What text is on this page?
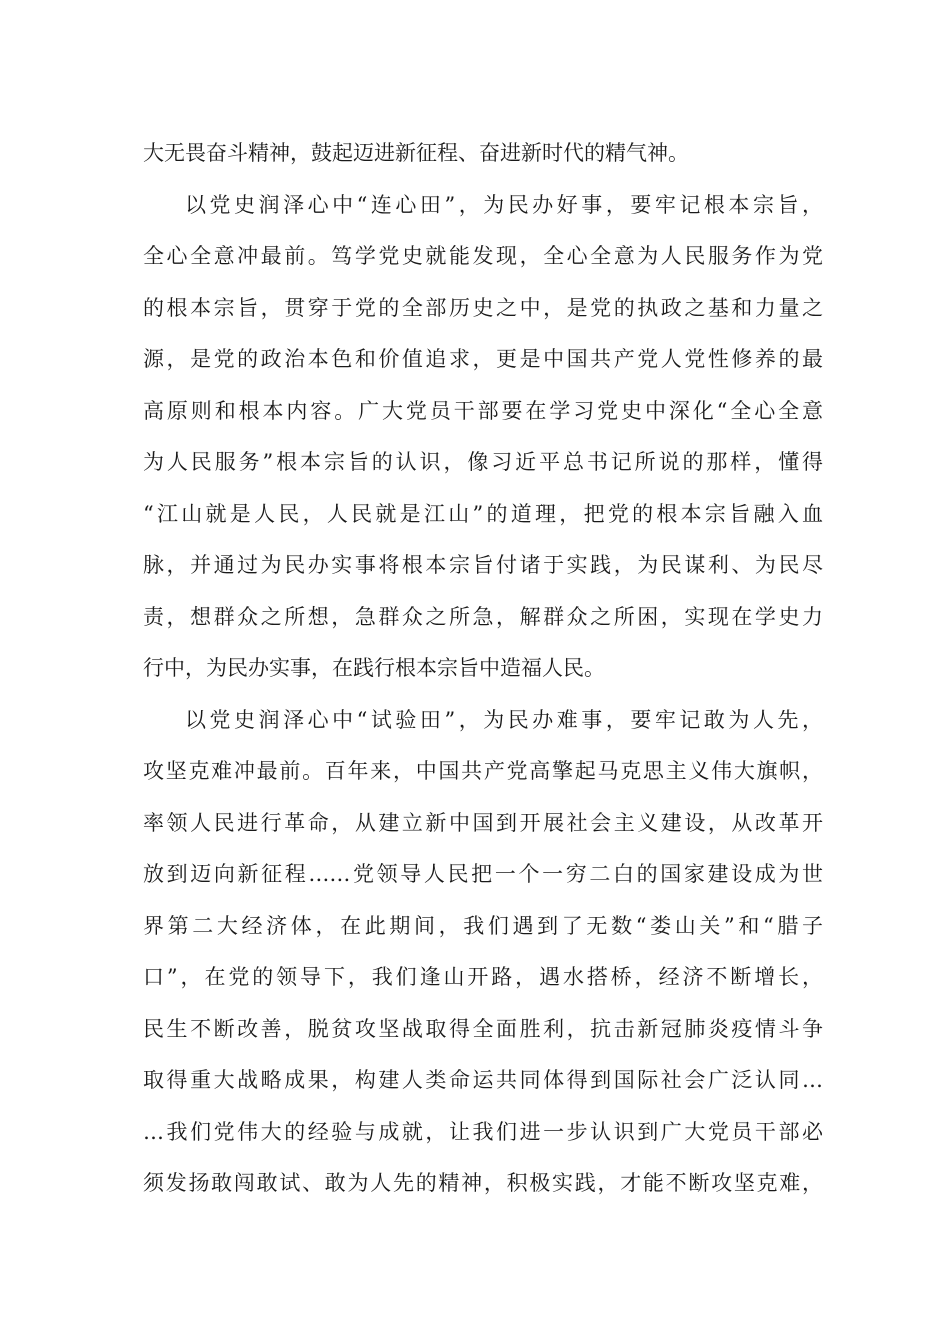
大无畏奋斗精神，鼓起迈进新征程、奋进新时代的精气神。
以党史润泽心中“连心田”，为民办好事，要牢记根本宗旨，
全心全意冲最前。笃学党史就能发现，全心全意为人民服务作为党
的根本宗旨，贯穿于党的全部历史之中，是党的执政之基和力量之
源，是党的政治本色和价值追求，更是中国共产党人党性修养的最
高原则和根本内容。广大党员干部要在学习党史中深化“全心全意
为人民服务”根本宗旨的认识，像习近平总书记所说的那样，懂得
“江山就是人民，人民就是江山”的道理，把党的根本宗旨融入血
脉，并通过为民办实事将根本宗旨付诸于实践，为民谋利、为民尽
责，想群众之所想，急群众之所急，解群众之所困，实现在学史力
行中，为民办实事，在践行根本宗旨中造福人民。
以党史润泽心中“试验田”，为民办难事，要牢记敢为人先，
攻坚克难冲最前。百年来，中国共产党高擎起马克思主义伟大旗帜，
率领人民进行革命，从建立新中国到开展社会主义建设，从改革开
放到迈向新征程……党领导人民把一个一穷二白的国家建设成为世
界第二大经济体，在此期间，我们遇到了无数“娄山关”和“腊子
口”，在党的领导下，我们逢山开路，遇水搭桥，经济不断增长，
民生不断改善，脱贫攻坚战取得全面胜利，抗击新冠肺炎疫情斗争
取得重大战略成果，构建人类命运共同体得到国际社会广泛认同…
…我们党伟大的经验与成就，让我们进一步认识到广大党员干部必
须发扬敢闯敢试、敢为人先的精神，积极实践，才能不断攻坚克难，
